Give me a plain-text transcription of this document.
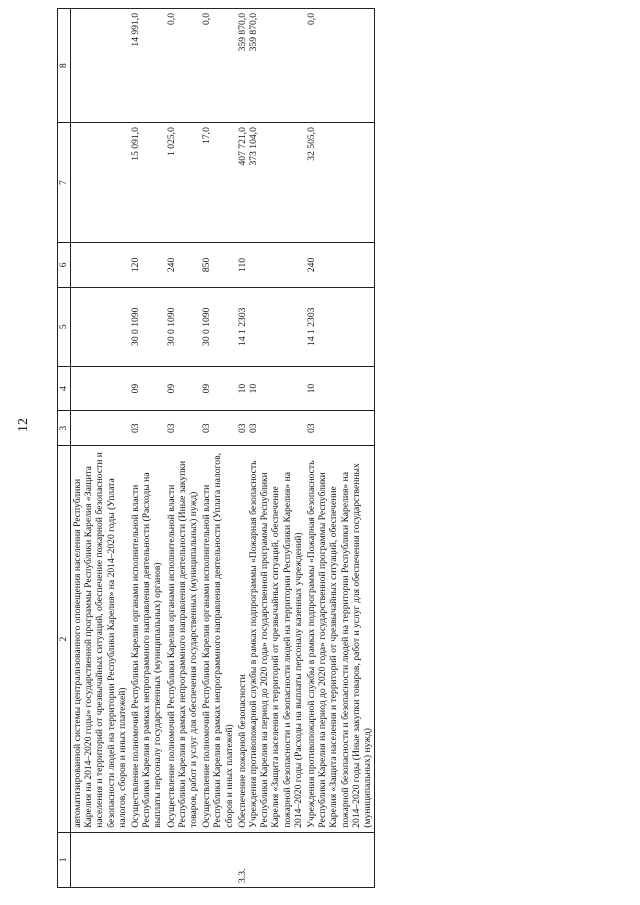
12
1	2	3	4	5	6	7	8

	автоматизированной системы централизованного оповещения населения Республики Карелия на 2014–2020 годы» государственной программы Республики Карелия «Защита населения и территорий от чрезвычайных ситуаций, обеспечение пожарной безопасности и безопасности людей на территории Республики Карелия» на 2014–2020 годы (Уплата налогов, сборов и иных платежей)						

	Осуществление полномочий Республики Карелия органами исполнительной власти Республики Карелия в рамках непрограммного направления деятельности (Расходы на выплаты персоналу государственных (муниципальных) органов)	03	09	30 0 1090	120	15 091,0	14 991,0

	Осуществление полномочий Республики Карелия органами исполнительной власти Республики Карелия в рамках непрограммного направления деятельности (Иные закупки товаров, работ и услуг для обеспечения государственных (муниципальных) нужд)	03	09	30 0 1090	240	1 025,0	0,0

	Осуществление полномочий Республики Карелия органами исполнительной власти Республики Карелия в рамках непрограммного направления деятельности (Уплата налогов, сборов и иных платежей)	03	09	30 0 1090	850	17,0	0,0

3.3.	Обеспечение пожарной безопасности Учреждения противопожарной службы в рамках подпрограммы «Пожарная безопасность Республики Карелия на период до 2020 года» государственной программы Республики Карелия «Защита населения и территорий от чрезвычайных ситуаций, обеспечение пожарной безопасности и безопасности людей на территории Республики Карелия» на 2014–2020 годы (Расходы на выплаты персоналу казенных учреждений)	03 03	10 10	14 1 2303	110	407 721,0 373 104,0	359 870,0 359 870,0

	Учреждения противопожарной службы в рамках подпрограммы «Пожарная безопасность Республики Карелия на период до 2020 года» государственной программы Республики Карелия «Защита населения и территорий от чрезвычайных ситуаций, обеспечение пожарной безопасности и безопасности людей на территории Республики Карелия» на 2014–2020 годы (Иные закупки товаров, работ и услуг для обеспечения государственных (муниципальных) нужд)	03	10	14 1 2303	240	32 505,0	0,0
